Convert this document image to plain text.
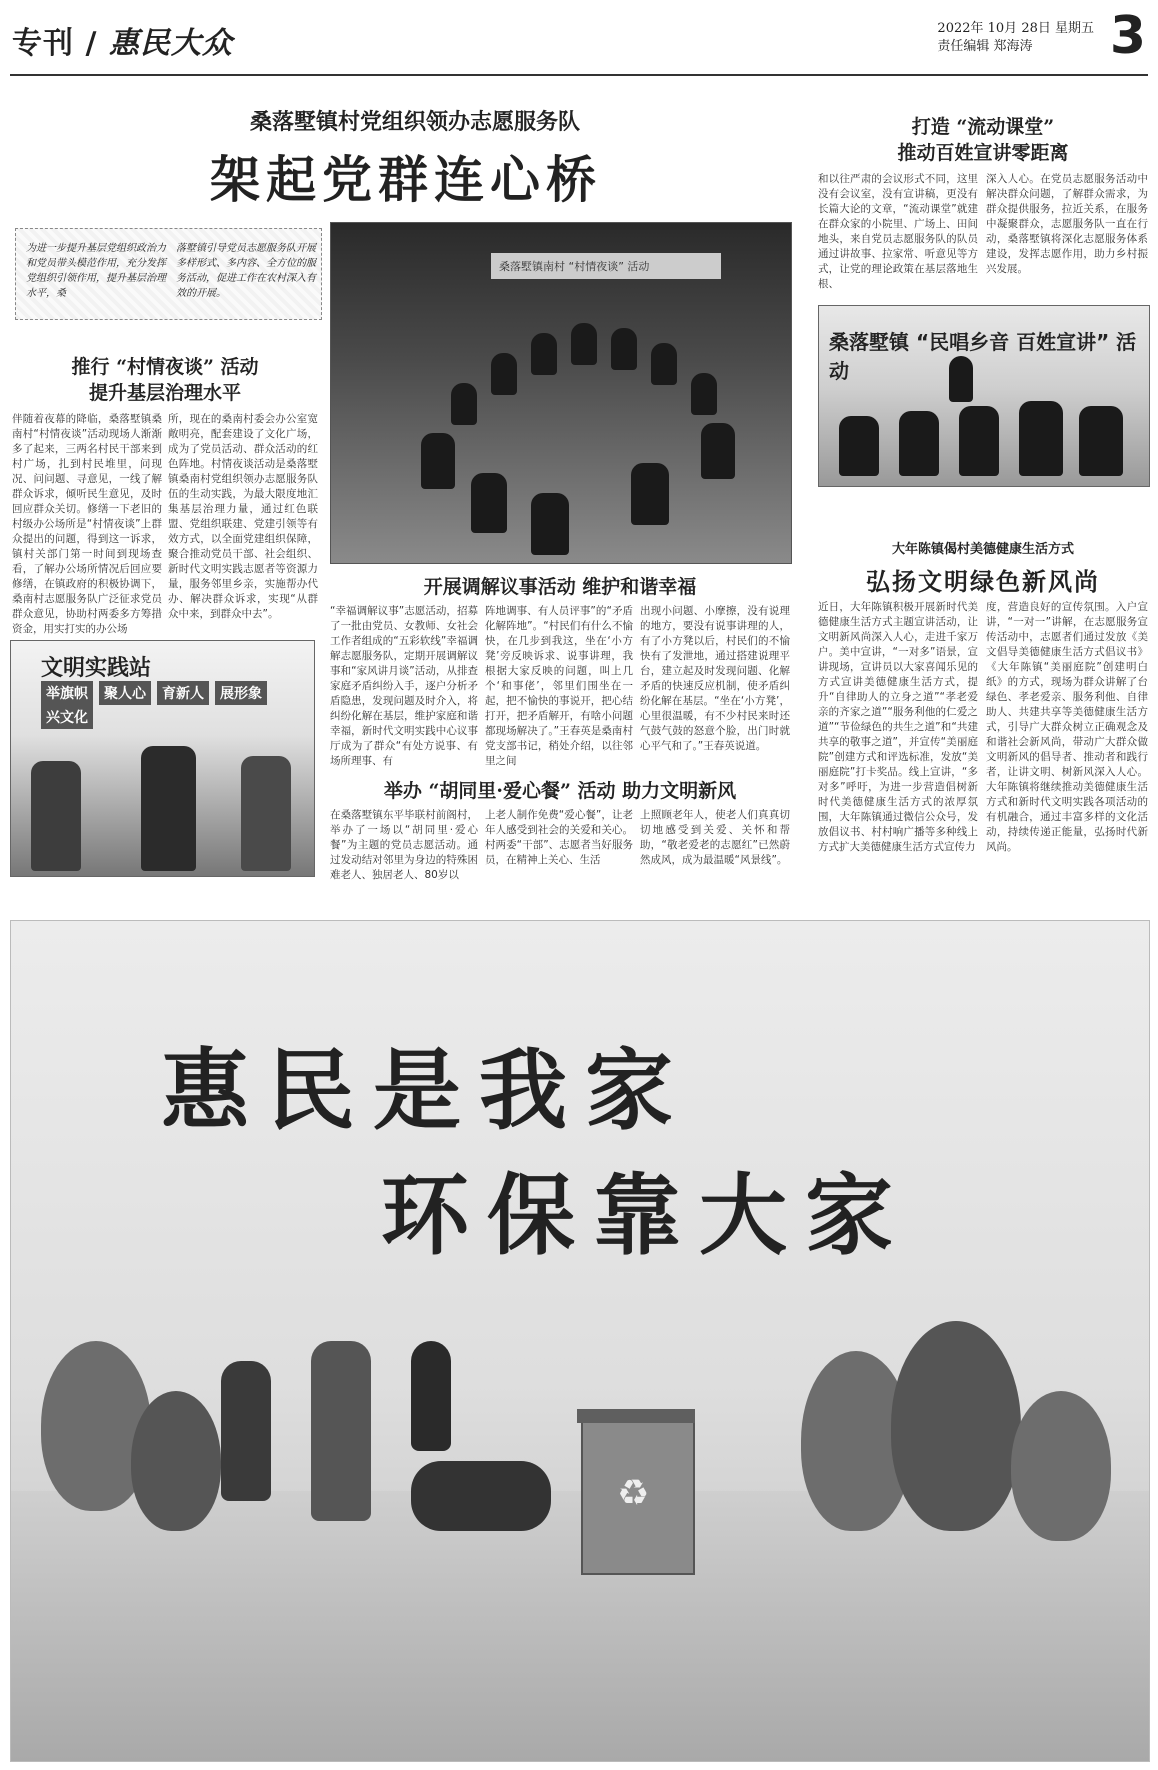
专刊 / 惠民大众	2022年 10月 28日 星期五
责任编辑 郑海涛	3
桑落墅镇村党组织领办志愿服务队
架起党群连心桥
为进一步提升基层党组织政治力和党员带头模范作用，充分发挥党组织引领作用，提升基层治理水平，桑
落墅镇引导党员志愿服务队开展多样形式、多内容、全方位的服务活动，促进工作在农村深入有效的开展。
桑落墅镇南村 “村情夜谈” 活动
推行 “村情夜谈” 活动
提升基层治理水平
伴随着夜幕的降临，桑落墅镇桑南村“村情夜谈”活动现场人渐渐多了起来，三两名村民干部来到村广场，扎到村民堆里，问现况、问问题、寻意见，一线了解群众诉求，倾听民生意见，及时回应群众关切。修缮一下老旧的村级办公场所是“村情夜谈”上群众提出的问题，得到这一诉求，镇村关部门第一时间到现场查看，了解办公场所情况后回应要修缮，在镇政府的积极协调下，桑南村志愿服务队广泛征求党员群众意见，协助村两委多方筹措资金，用实打实的办公场
所，现在的桑南村委会办公室宽敞明亮，配套建设了文化广场，成为了党员活动、群众活动的红色阵地。村情夜谈活动是桑落墅镇桑南村党组织领办志愿服务队伍的生动实践，为最大限度地汇集基层治理力量，通过红色联盟、党组织联建、党建引领等有效方式，以全面党建组织保障，聚合推动党员干部、社会组织、新时代文明实践志愿者等资源力量，服务邻里乡亲，实施帮办代办、解决群众诉求，实现“从群众中来，到群众中去”。
开展调解议事活动 维护和谐幸福
“幸福调解议事”志愿活动，招募了一批由党员、女教师、女社会工作者组成的“五彩软线”幸福调解志愿服务队，定期开展调解议事和“家风讲月谈”活动，从排查家庭矛盾纠纷入手，逐户分析矛盾隐患，发现问题及时介入，将纠纷化解在基层，维护家庭和谐幸福，新时代文明实践中心议事厅成为了群众“有处方说事、有场所理事、有
阵地调事、有人员评事”的“矛盾化解阵地”。“村民们有什么不愉快，在几步到我这，坐在‘小方凳’旁反映诉求、说事讲理，我根据大家反映的问题，叫上几个‘和事佬’，邻里们围坐在一起，把不愉快的事说开，把心结打开，把矛盾解开，有啥小问题都现场解决了。”王春英是桑南村党支部书记，稍处介绍，以往邻里之间
出现小问题、小摩擦，没有说理的地方，要没有说事讲理的人，有了小方凳以后，村民们的不愉快有了发泄地，通过搭建说理平台，建立起及时发现问题、化解矛盾的快速反应机制，使矛盾纠纷化解在基层。“坐在‘小方凳’，心里很温暖，有不少村民来时还气鼓气鼓的怒意个脸，出门时就心平气和了。”王春英说道。
举办 “胡同里·爱心餐” 活动 助力文明新风
在桑落墅镇东平毕联村前阁村，举办了一场以“胡同里·爱心餐”为主题的党员志愿活动。通过发动结对邻里为身边的特殊困难老人、独居老人、80岁以
上老人制作免费“爱心餐”，让老年人感受到社会的关爱和关心。村两委“干部”、志愿者当好服务员，在精神上关心、生活
上照顾老年人，使老人们真真切切地感受到关爱、关怀和帮助，“敬老爱老的志愿红”已然蔚然成风，成为最温暖“风景线”。
文明实践站
举旗帜 聚人心 育新人 展形象兴文化
打造 “流动课堂”
推动百姓宣讲零距离
和以往严肃的会议形式不同，这里没有会议室，没有宣讲稿，更没有长篇大论的文章，“流动课堂”就建在群众家的小院里、广场上、田间地头，来自党员志愿服务队的队员通过讲故事、拉家常、听意见等方式，让党的理论政策在基层落地生根、
深入人心。在党员志愿服务活动中解决群众问题，了解群众需求，为群众提供服务，拉近关系，在服务中凝聚群众，志愿服务队一直在行动，桑落墅镇将深化志愿服务体系建设，发挥志愿作用，助力乡村振兴发展。
桑落墅镇 “民唱乡音 百姓宣讲” 活动
大年陈镇偈村美德健康生活方式
弘扬文明绿色新风尚
近日，大年陈镇积极开展新时代美德健康生活方式主题宣讲活动，让文明新风尚深入人心，走进千家万户。美中宣讲，“一对多”语景，宣讲现场，宣讲员以大家喜闻乐见的方式宣讲美德健康生活方式，提升“自律助人的立身之道”“孝老爱亲的齐家之道”“服务利他的仁爱之道”“节俭绿色的共生之道”和“共建共享的敬事之道”，并宣传“美丽庭院”创建方式和评选标准，发放“美丽庭院”打卡奖品。线上宣讲，“多对多”呼吁，为进一步营造倡树新时代美德健康生活方式的浓厚氛围，大年陈镇通过微信公众号，发放倡议书、村村响广播等多种线上方式扩大美德健康生活方式宣传力
度，营造良好的宣传氛围。入户宣讲，“一对一”讲解，在志愿服务宣传活动中，志愿者们通过发放《美文倡导美德健康生活方式倡议书》《大年陈镇“美丽庭院”创建明白纸》的方式，现场为群众讲解了台绿色、孝老爱亲、服务利他、自律助人、共建共享等美德健康生活方式，引导广大群众树立正确观念及和谐社会新风尚，带动广大群众做文明新风的倡导者、推动者和践行者，让讲文明、树新风深入人心。大年陈镇将继续推动美德健康生活方式和新时代文明实践各项活动的有机融合，通过丰富多样的文化活动，持续传递正能量，弘扬时代新风尚。
惠民是我家
环保靠大家
♻
